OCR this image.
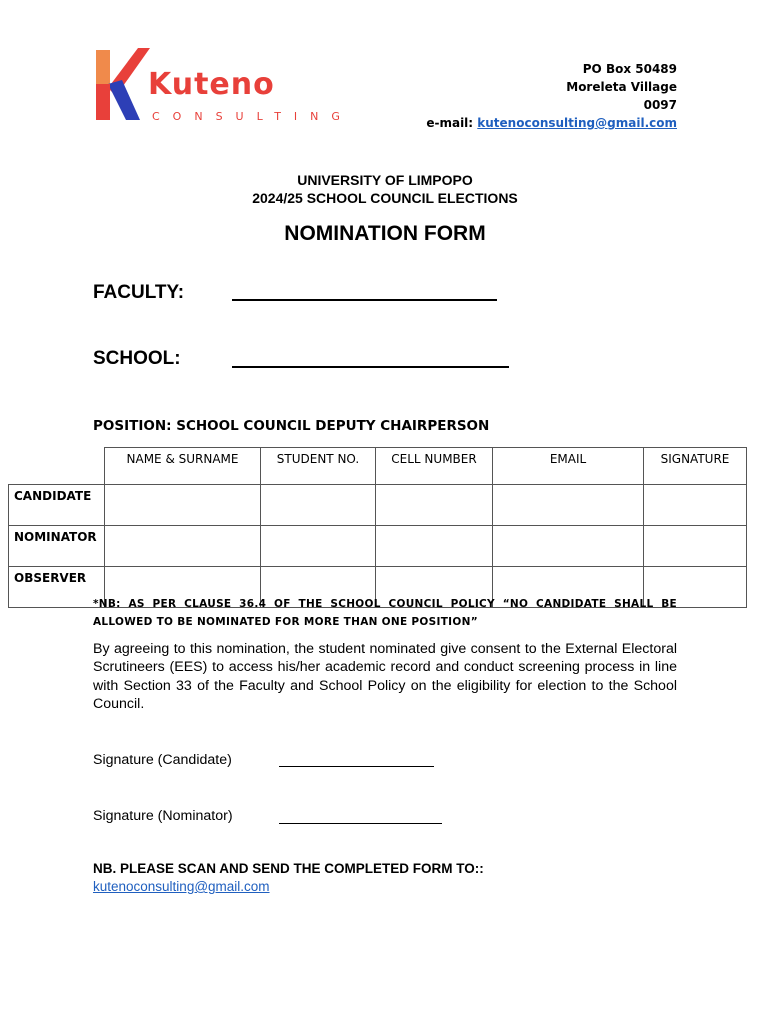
Kuteno
CONSULTING
PO Box 50489
Moreleta Village
0097
e-mail: kutenoconsulting@gmail.com
UNIVERSITY OF LIMPOPO
2024/25 SCHOOL COUNCIL ELECTIONS
NOMINATION FORM
FACULTY:
SCHOOL:
POSITION: SCHOOL COUNCIL DEPUTY CHAIRPERSON
	NAME & SURNAME	STUDENT NO.	CELL NUMBER	EMAIL	SIGNATURE
CANDIDATE					
NOMINATOR					
OBSERVER					
*NB: AS PER CLAUSE 36.4 OF THE SCHOOL COUNCIL POLICY “NO CANDIDATE SHALL BE ALLOWED TO BE NOMINATED FOR MORE THAN ONE POSITION”
By agreeing to this nomination, the student nominated give consent to the External Electoral Scrutineers (EES) to access his/her academic record and conduct screening process in line with Section 33 of the Faculty and School Policy on the eligibility for election to the School Council.
Signature (Candidate)
Signature (Nominator)
NB. PLEASE SCAN AND SEND THE COMPLETED FORM TO::
kutenoconsulting@gmail.com
